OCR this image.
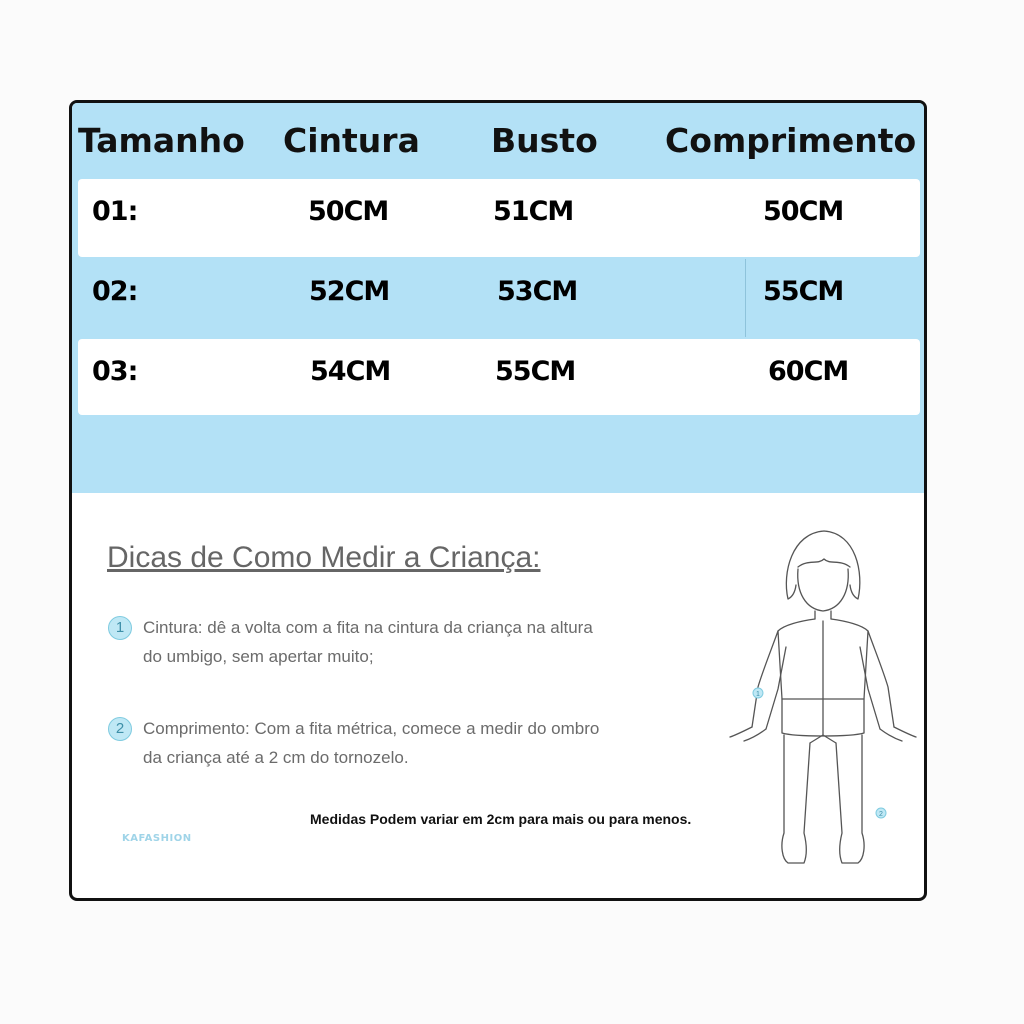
Tamanho Cintura Busto Comprimento
01:	50CM	51CM	50CM
02:	52CM	53CM	55CM
03:	54CM	55CM	60CM
Dicas de Como Medir a Criança:
1	Cintura: dê a volta com a fita na cintura da criança na altura
do umbigo, sem apertar muito;
2	Comprimento: Com a fita métrica, comece a medir do ombro
da criança até a 2 cm do tornozelo.
Medidas Podem variar em 2cm para mais ou para menos.
KAFASHION
1
2
